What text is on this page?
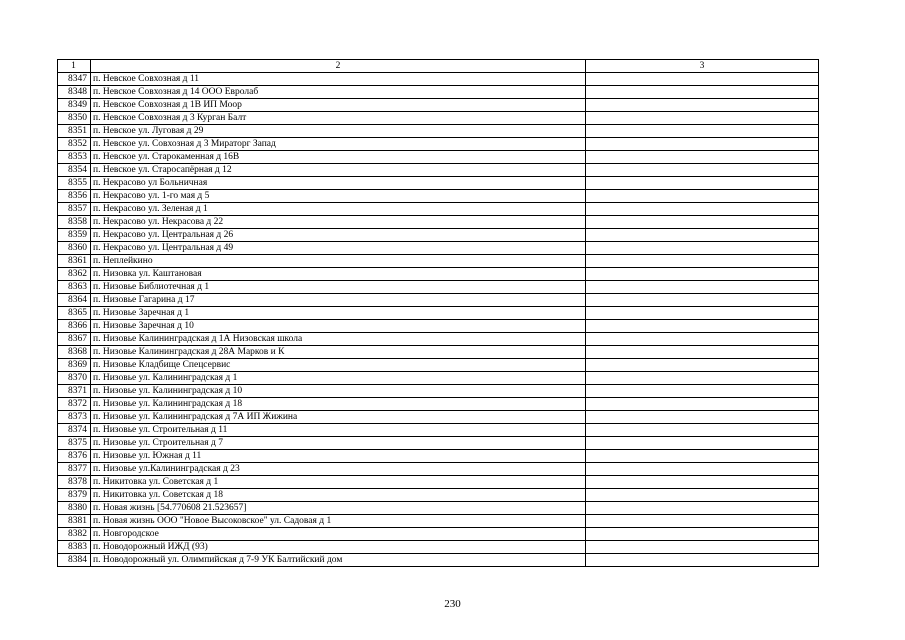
1	2	3
8347	п. Невское Совхозная д 11	
8348	п. Невское Совхозная д 14 ООО Евролаб	
8349	п. Невское Совхозная д 1В ИП Моор	
8350	п. Невское Совхозная д 3 Курган Балт	
8351	п. Невское ул. Луговая д 29	
8352	п. Невское ул. Совхозная д 3 Мираторг Запад	
8353	п. Невское ул. Старокаменная д 16В	
8354	п. Невское ул. Старосапёрная д 12	
8355	п. Некрасово ул Больничная	
8356	п. Некрасово ул. 1-го мая д 5	
8357	п. Некрасово ул. Зеленая д 1	
8358	п. Некрасово ул. Некрасова д 22	
8359	п. Некрасово ул. Центральная д 26	
8360	п. Некрасово ул. Центральная д 49	
8361	п. Неплейкино	
8362	п. Низовка ул. Каштановая	
8363	п. Низовье Библиотечная д 1	
8364	п. Низовье Гагарина д 17	
8365	п. Низовье Заречная д 1	
8366	п. Низовье Заречная д 10	
8367	п. Низовье Калининградская д 1А Низовская школа	
8368	п. Низовье Калининградская д 28А Марков и К	
8369	п. Низовье Кладбище Спецсервис	
8370	п. Низовье ул. Калининградская д 1	
8371	п. Низовье ул. Калининградская д 10	
8372	п. Низовье ул. Калининградская д 18	
8373	п. Низовье ул. Калининградская д 7А ИП Жижина	
8374	п. Низовье ул. Строительная д 11	
8375	п. Низовье ул. Строительная д 7	
8376	п. Низовье ул. Южная д 11	
8377	п. Низовье ул.Калининградская д 23	
8378	п. Никитовка ул. Советская д 1	
8379	п. Никитовка ул. Советская д 18	
8380	п. Новая жизнь [54.770608 21.523657]	
8381	п. Новая жизнь ООО "Новое Высоковское" ул. Садовая д 1	
8382	п. Новгородское	
8383	п. Новодорожный ИЖД (93)	
8384	п. Новодорожный ул. Олимпийская д 7-9 УК Балтийский дом	
230
